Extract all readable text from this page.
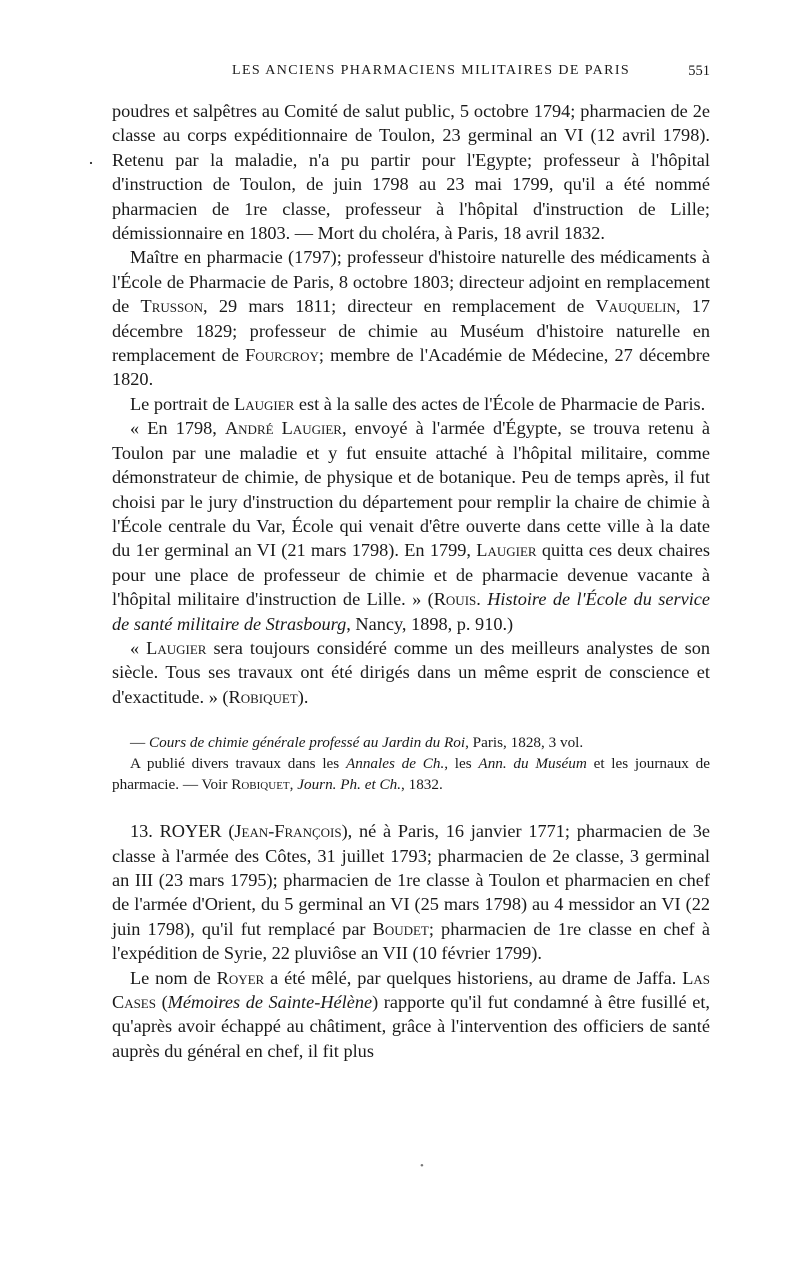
LES ANCIENS PHARMACIENS MILITAIRES DE PARIS	551
·

poudres et salpêtres au Comité de salut public, 5 octobre 1794; pharmacien de 2e classe au corps expéditionnaire de Toulon, 23 germinal an VI (12 avril 1798). Retenu par la maladie, n'a pu partir pour l'Egypte; professeur à l'hôpital d'instruction de Toulon, de juin 1798 au 23 mai 1799, qu'il a été nommé pharmacien de 1re classe, professeur à l'hôpital d'instruction de Lille; démissionnaire en 1803. — Mort du choléra, à Paris, 18 avril 1832.

Maître en pharmacie (1797); professeur d'histoire naturelle des médicaments à l'École de Pharmacie de Paris, 8 octobre 1803; directeur adjoint en remplacement de Trusson, 29 mars 1811; directeur en remplacement de Vauquelin, 17 décembre 1829; professeur de chimie au Muséum d'histoire naturelle en remplacement de Fourcroy; membre de l'Académie de Médecine, 27 décembre 1820.

Le portrait de Laugier est à la salle des actes de l'École de Pharmacie de Paris.

« En 1798, André Laugier, envoyé à l'armée d'Égypte, se trouva retenu à Toulon par une maladie et y fut ensuite attaché à l'hôpital militaire, comme démonstrateur de chimie, de physique et de botanique. Peu de temps après, il fut choisi par le jury d'instruction du département pour remplir la chaire de chimie à l'École centrale du Var, École qui venait d'être ouverte dans cette ville à la date du 1er germinal an VI (21 mars 1798). En 1799, Laugier quitta ces deux chaires pour une place de professeur de chimie et de pharmacie devenue vacante à l'hôpital militaire d'instruction de Lille. » (Rouis. Histoire de l'École du service de santé militaire de Strasbourg, Nancy, 1898, p. 910.)

« Laugier sera toujours considéré comme un des meilleurs analystes de son siècle. Tous ses travaux ont été dirigés dans un même esprit de conscience et d'exactitude. » (Robiquet).

— Cours de chimie générale professé au Jardin du Roi, Paris, 1828, 3 vol.

A publié divers travaux dans les Annales de Ch., les Ann. du Muséum et les journaux de pharmacie. — Voir Robiquet, Journ. Ph. et Ch., 1832.

13. ROYER (Jean-François), né à Paris, 16 janvier 1771; pharmacien de 3e classe à l'armée des Côtes, 31 juillet 1793; pharmacien de 2e classe, 3 germinal an III (23 mars 1795); pharmacien de 1re classe à Toulon et pharmacien en chef de l'armée d'Orient, du 5 germinal an VI (25 mars 1798) au 4 messidor an VI (22 juin 1798), qu'il fut remplacé par Boudet; pharmacien de 1re classe en chef à l'expédition de Syrie, 22 pluviôse an VII (10 février 1799).

Le nom de Royer a été mêlé, par quelques historiens, au drame de Jaffa. Las Cases (Mémoires de Sainte-Hélène) rapporte qu'il fut condamné à être fusillé et, qu'après avoir échappé au châtiment, grâce à l'intervention des officiers de santé auprès du général en chef, il fit plus

•
